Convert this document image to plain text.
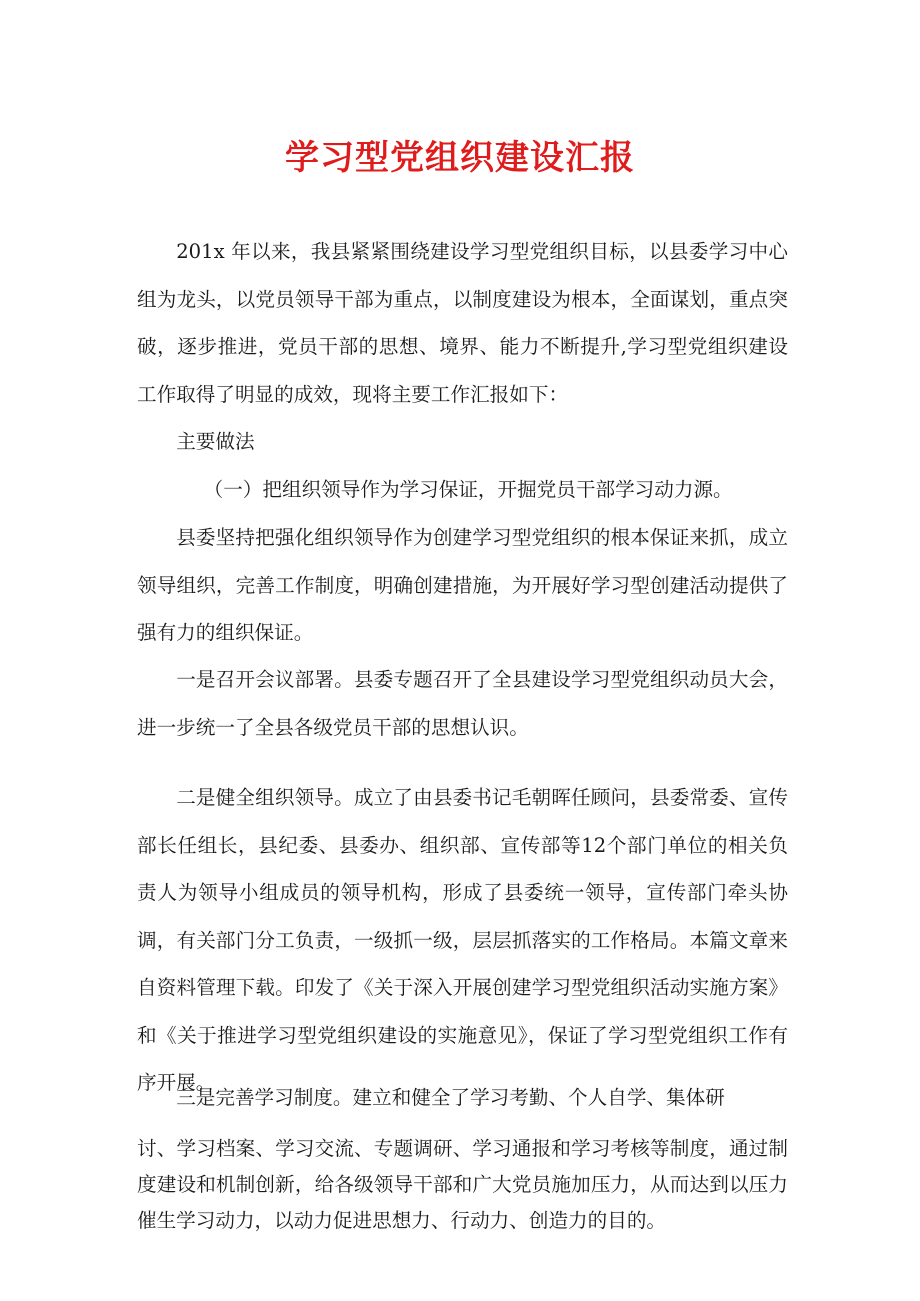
学习型党组织建设汇报

201x 年以来，我县紧紧围绕建设学习型党组织目标，以县委学习中心组为龙头，以党员领导干部为重点，以制度建设为根本，全面谋划，重点突破，逐步推进，党员干部的思想、境界、能力不断提升,学习型党组织建设工作取得了明显的成效，现将主要工作汇报如下：

主要做法

（一）把组织领导作为学习保证，开掘党员干部学习动力源。

县委坚持把强化组织领导作为创建学习型党组织的根本保证来抓，成立领导组织，完善工作制度，明确创建措施，为开展好学习型创建活动提供了强有力的组织保证。

一是召开会议部署。县委专题召开了全县建设学习型党组织动员大会，进一步统一了全县各级党员干部的思想认识。

二是健全组织领导。成立了由县委书记毛朝晖任顾问，县委常委、宣传部长任组长，县纪委、县委办、组织部、宣传部等12个部门单位的相关负责人为领导小组成员的领导机构，形成了县委统一领导，宣传部门牵头协调，有关部门分工负责，一级抓一级，层层抓落实的工作格局。本篇文章来自资料管理下载。印发了《关于深入开展创建学习型党组织活动实施方案》和《关于推进学习型党组织建设的实施意见》，保证了学习型党组织工作有序开展。

三是完善学习制度。建立和健全了学习考勤、个人自学、集体研

讨、学习档案、学习交流、专题调研、学习通报和学习考核等制度，通过制度建设和机制创新，给各级领导干部和广大党员施加压力，从而达到以压力催生学习动力，以动力促进思想力、行动力、创造力的目的。
